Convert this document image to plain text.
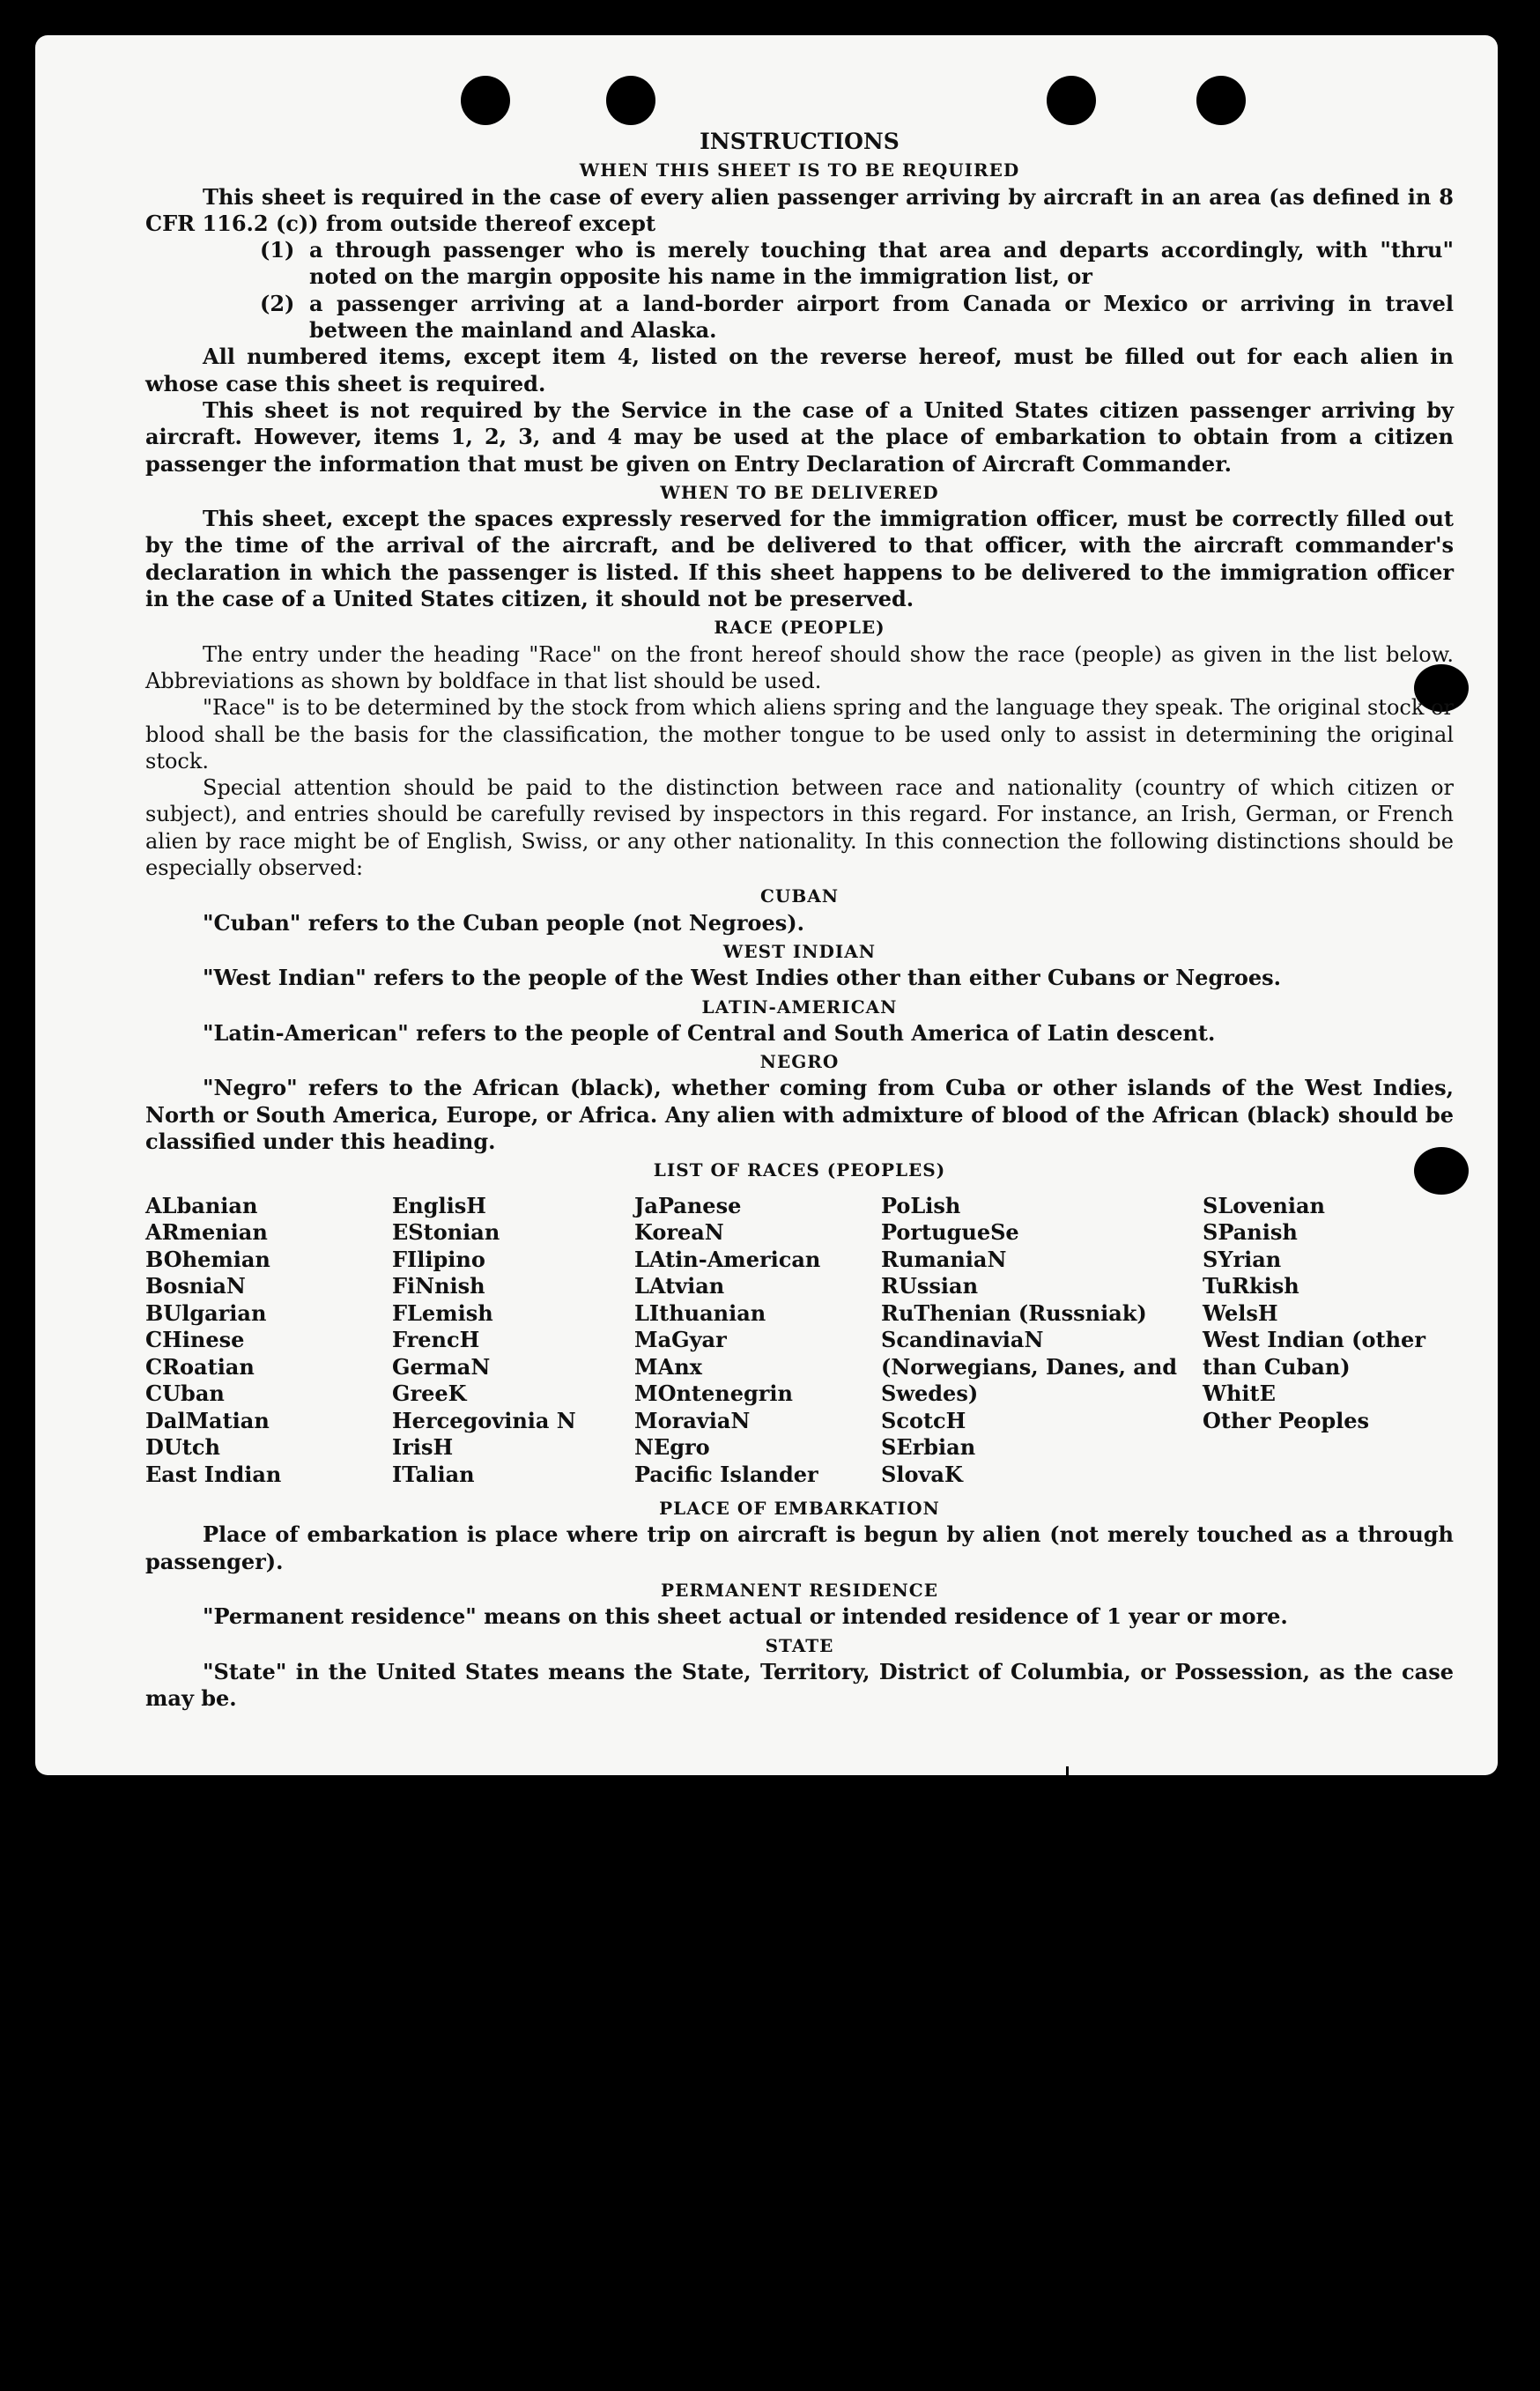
INSTRUCTIONS
WHEN THIS SHEET IS TO BE REQUIRED

This sheet is required in the case of every alien passenger arriving by aircraft in an area (as defined in 8 CFR 116.2 (c)) from outside thereof except

(1) a through passenger who is merely touching that area and departs accordingly, with "thru" noted on the margin opposite his name in the immigration list, or
(2) a passenger arriving at a land-border airport from Canada or Mexico or arriving in travel between the mainland and Alaska.

All numbered items, except item 4, listed on the reverse hereof, must be filled out for each alien in whose case this sheet is required.

This sheet is not required by the Service in the case of a United States citizen passenger arriving by aircraft. However, items 1, 2, 3, and 4 may be used at the place of embarkation to obtain from a citizen passenger the information that must be given on Entry Declaration of Aircraft Commander.

WHEN TO BE DELIVERED

This sheet, except the spaces expressly reserved for the immigration officer, must be correctly filled out by the time of the arrival of the aircraft, and be delivered to that officer, with the aircraft commander's declaration in which the passenger is listed. If this sheet happens to be delivered to the immigration officer in the case of a United States citizen, it should not be preserved.

RACE (PEOPLE)

The entry under the heading "Race" on the front hereof should show the race (people) as given in the list below. Abbreviations as shown by boldface in that list should be used.

"Race" is to be determined by the stock from which aliens spring and the language they speak. The original stock or blood shall be the basis for the classification, the mother tongue to be used only to assist in determining the original stock.

Special attention should be paid to the distinction between race and nationality (country of which citizen or subject), and entries should be carefully revised by inspectors in this regard. For instance, an Irish, German, or French alien by race might be of English, Swiss, or any other nationality. In this connection the following distinctions should be especially observed:

CUBAN

"Cuban" refers to the Cuban people (not Negroes).

WEST INDIAN

"West Indian" refers to the people of the West Indies other than either Cubans or Negroes.

LATIN-AMERICAN

"Latin-American" refers to the people of Central and South America of Latin descent.

NEGRO

"Negro" refers to the African (black), whether coming from Cuba or other islands of the West Indies, North or South America, Europe, or Africa. Any alien with admixture of blood of the African (black) should be classified under this heading.

LIST OF RACES (PEOPLES)
ALbanian
ARmenian
BOhemian
BosniaN
BUlgarian
CHinese
CRoatian
CUban
DalMatian
DUtch
East Indian
EnglisH
EStonian
FIlipino
FiNnish
FLemish
FrencH
GermaN
GreeK
Hercegovinia N
IrisH
ITalian
JaPanese
KoreaN
LAtin-American
LAtvian
LIthuanian
MaGyar
MAnx
MOntenegrin
MoraviaN
NEgro
Pacific Islander
PoLish
PortugueSe
RumaniaN
RUssian
RuThenian (Russniak)
ScandinaviaN (Norwegians, Danes, and Swedes)
ScotcH
SErbian
SlovaK
SLovenian
SPanish
SYrian
TuRkish
WelsH
West Indian (other than Cuban)
WhitE
Other Peoples
PLACE OF EMBARKATION

Place of embarkation is place where trip on aircraft is begun by alien (not merely touched as a through passenger).

PERMANENT RESIDENCE

"Permanent residence" means on this sheet actual or intended residence of 1 year or more.

STATE

"State" in the United States means the State, Territory, District of Columbia, or Possession, as the case may be.
